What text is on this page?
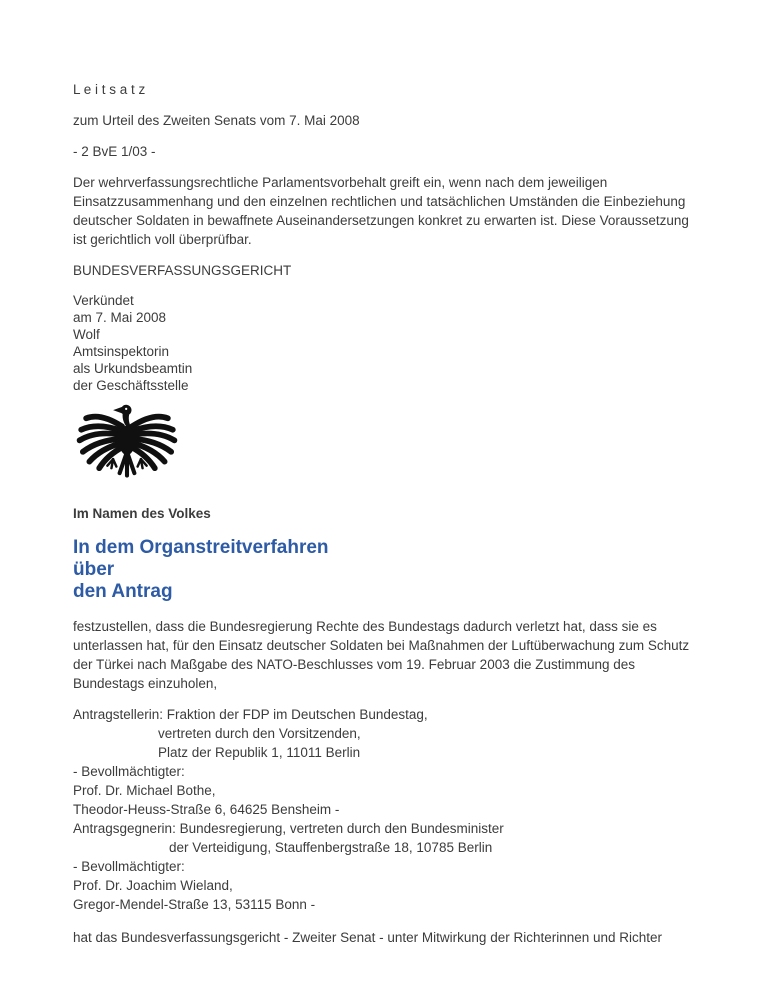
L e i t s a t z
zum Urteil des Zweiten Senats vom 7. Mai 2008
- 2 BvE 1/03 -

Der wehrverfassungsrechtliche Parlamentsvorbehalt greift ein, wenn nach dem jeweiligen Einsatzzusammenhang und den einzelnen rechtlichen und tatsächlichen Umständen die Einbeziehung deutscher Soldaten in bewaffnete Auseinandersetzungen konkret zu erwarten ist. Diese Voraussetzung ist gerichtlich voll überprüfbar.

BUNDESVERFASSUNGSGERICHT
Verkündet
am 7. Mai 2008
Wolf
Amtsinspektorin
als Urkundsbeamtin
der Geschäftsstelle
Im Namen des Volkes
In dem Organstreitverfahren
über
den Antrag

festzustellen, dass die Bundesregierung Rechte des Bundestags dadurch verletzt hat, dass sie es unterlassen hat, für den Einsatz deutscher Soldaten bei Maßnahmen der Luftüberwachung zum Schutz der Türkei nach Maßgabe des NATO-Beschlusses vom 19. Februar 2003 die Zustimmung des Bundestags einzuholen,

Antragstellerin: Fraktion der FDP im Deutschen Bundestag,
vertreten durch den Vorsitzenden,
Platz der Republik 1, 11011 Berlin
- Bevollmächtigter:
Prof. Dr. Michael Bothe,
Theodor-Heuss-Straße 6, 64625 Bensheim -
Antragsgegnerin: Bundesregierung, vertreten durch den Bundesminister
der Verteidigung, Stauffenbergstraße 18, 10785 Berlin
- Bevollmächtigter:
Prof. Dr. Joachim Wieland,
Gregor-Mendel-Straße 13, 53115 Bonn -

hat das Bundesverfassungsgericht - Zweiter Senat - unter Mitwirkung der Richterinnen und Richter
